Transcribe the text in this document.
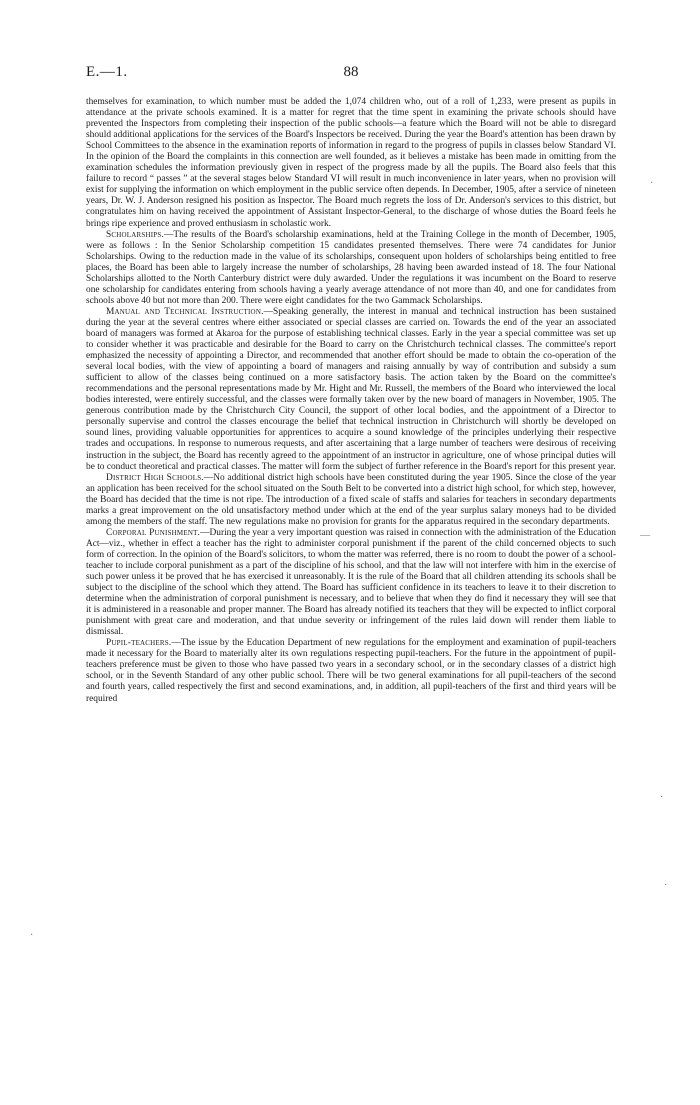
E.—1.	88

themselves for examination, to which number must be added the 1,074 children who, out of a roll of 1,233, were present as pupils in attendance at the private schools examined. It is a matter for regret that the time spent in examining the private schools should have prevented the Inspectors from completing their inspection of the public schools—a feature which the Board will not be able to disregard should additional applications for the services of the Board's Inspectors be received. During the year the Board's attention has been drawn by School Committees to the absence in the examination reports of information in regard to the progress of pupils in classes below Standard VI. In the opinion of the Board the complaints in this connection are well founded, as it believes a mistake has been made in omitting from the examination schedules the information previously given in respect of the progress made by all the pupils. The Board also feels that this failure to record “ passes ” at the several stages below Standard VI will result in much inconvenience in later years, when no provision will exist for supplying the information on which employment in the public service often depends. In December, 1905, after a service of nineteen years, Dr. W. J. Anderson resigned his position as Inspector. The Board much regrets the loss of Dr. Anderson's services to this district, but congratulates him on having received the appointment of Assistant Inspector-General, to the discharge of whose duties the Board feels he brings ripe experience and proved enthusiasm in scholastic work.

Scholarships.—The results of the Board's scholarship examinations, held at the Training College in the month of December, 1905, were as follows : In the Senior Scholarship competition 15 candidates presented themselves. There were 74 candidates for Junior Scholarships. Owing to the reduction made in the value of its scholarships, consequent upon holders of scholarships being entitled to free places, the Board has been able to largely increase the number of scholarships, 28 having been awarded instead of 18. The four National Scholarships allotted to the North Canterbury district were duly awarded. Under the regulations it was incumbent on the Board to reserve one scholarship for candidates entering from schools having a yearly average attendance of not more than 40, and one for candidates from schools above 40 but not more than 200. There were eight candidates for the two Gammack Scholarships.

Manual and Technical Instruction.—Speaking generally, the interest in manual and technical instruction has been sustained during the year at the several centres where either associated or special classes are carried on. Towards the end of the year an associated board of managers was formed at Akaroa for the purpose of establishing technical classes. Early in the year a special committee was set up to consider whether it was practicable and desirable for the Board to carry on the Christchurch technical classes. The committee's report emphasized the necessity of appointing a Director, and recommended that another effort should be made to obtain the co-operation of the several local bodies, with the view of appointing a board of managers and raising annually by way of contribution and subsidy a sum sufficient to allow of the classes being continued on a more satisfactory basis. The action taken by the Board on the committee's recommendations and the personal representations made by Mr. Hight and Mr. Russell, the members of the Board who interviewed the local bodies interested, were entirely successful, and the classes were formally taken over by the new board of managers in November, 1905. The generous contribution made by the Christchurch City Council, the support of other local bodies, and the appointment of a Director to personally supervise and control the classes encourage the belief that technical instruction in Christchurch will shortly be developed on sound lines, providing valuable opportunities for apprentices to acquire a sound knowledge of the principles underlying their respective trades and occupations. In response to numerous requests, and after ascertaining that a large number of teachers were desirous of receiving instruction in the subject, the Board has recently agreed to the appointment of an instructor in agriculture, one of whose principal duties will be to conduct theoretical and practical classes. The matter will form the subject of further reference in the Board's report for this present year.

District High Schools.—No additional district high schools have been constituted during the year 1905. Since the close of the year an application has been received for the school situated on the South Belt to be converted into a district high school, for which step, however, the Board has decided that the time is not ripe. The introduction of a fixed scale of staffs and salaries for teachers in secondary departments marks a great improvement on the old unsatisfactory method under which at the end of the year surplus salary moneys had to be divided among the members of the staff. The new regulations make no provision for grants for the apparatus required in the secondary departments.

Corporal Punishment.—During the year a very important question was raised in connection with the administration of the Education Act—viz., whether in effect a teacher has the right to administer corporal punishment if the parent of the child concerned objects to such form of correction. In the opinion of the Board's solicitors, to whom the matter was referred, there is no room to doubt the power of a school-teacher to include corporal punishment as a part of the discipline of his school, and that the law will not interfere with him in the exercise of such power unless it be proved that he has exercised it unreasonably. It is the rule of the Board that all children attending its schools shall be subject to the discipline of the school which they attend. The Board has sufficient confidence in its teachers to leave it to their discretion to determine when the administration of corporal punishment is necessary, and to believe that when they do find it necessary they will see that it is administered in a reasonable and proper manner. The Board has already notified its teachers that they will be expected to inflict corporal punishment with great care and moderation, and that undue severity or infringement of the rules laid down will render them liable to dismissal.

Pupil-teachers.—The issue by the Education Department of new regulations for the employment and examination of pupil-teachers made it necessary for the Board to materially alter its own regulations respecting pupil-teachers. For the future in the appointment of pupil-teachers preference must be given to those who have passed two years in a secondary school, or in the secondary classes of a district high school, or in the Seventh Standard of any other public school. There will be two general examinations for all pupil-teachers of the second and fourth years, called respectively the first and second examinations, and, in addition, all pupil-teachers of the first and third years will be required

·
—
·
·
·
